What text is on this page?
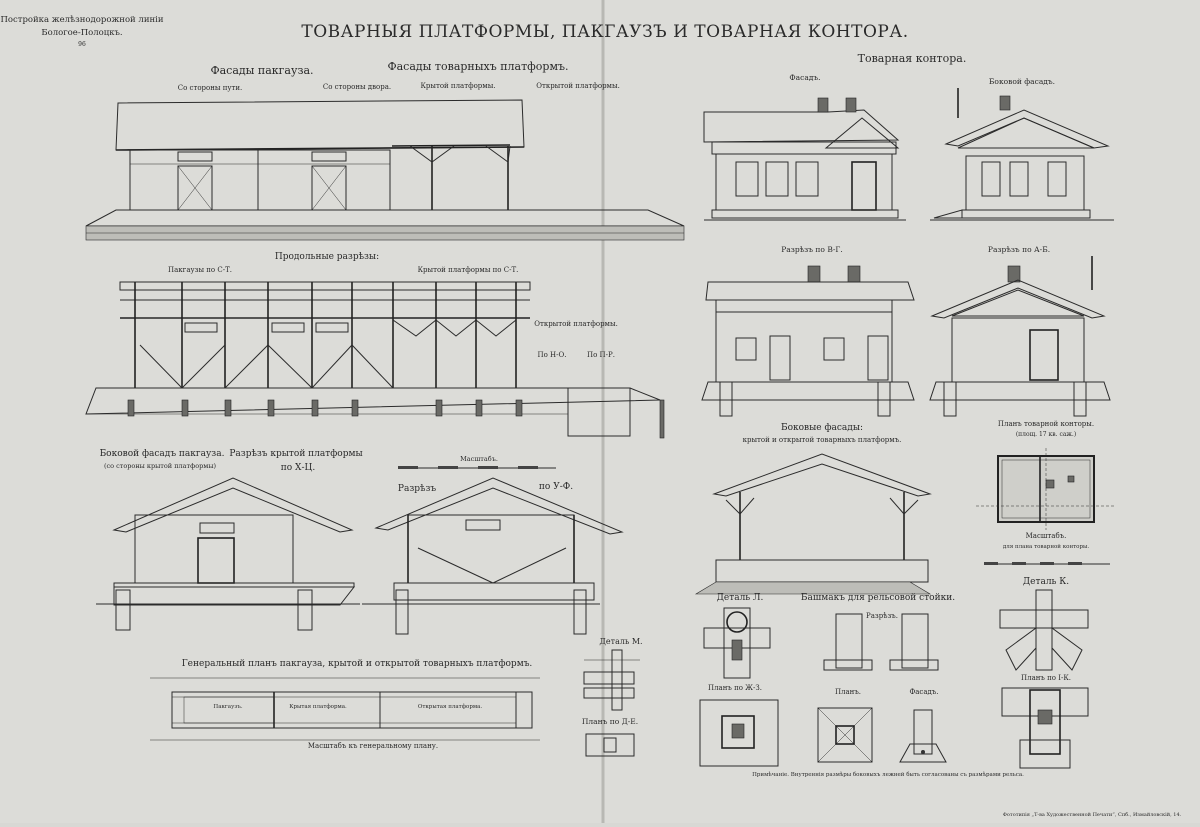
Постройка желѣзнодорожной линіи
Бологое-Полоцкъ.
96
ТОВАРНЫЯ ПЛАТФОРМЫ, ПАКГАУЗЪ И ТОВАРНАЯ КОНТОРА.
Фасады пакгауза.	Фасады товарныхъ платформъ.
Со стороны пути.	Со стороны двора.	Крытой платформы.	Открытой платформы.
Продольные разрѣзы:
Пакгаузы по С-Т.	Крытой платформы по С-Т.
Открытой платформы.
По Н-О.	По П-Р.
Боковой фасадъ пакгауза.
(со стороны крытой платформы)
Разрѣзъ крытой платформы
по Х-Ц.
Масштабъ.
Разрѣзъ	по У-Ф.
Генеральный планъ пакгауза, крытой и открытой товарныхъ платформъ.
Пакгаузъ.	Крытая платформа.	Открытая платформа.
Масштабъ къ генеральному плану.
Деталь М.
Планъ по Д-Е.
Товарная контора.
Фасадъ.	Боковой фасадъ.
Разрѣзъ по В-Г.	Разрѣзъ по А-Б.
Планъ товарной конторы.
(площ. 17 кв. саж.)
Масштабъ.
для плана товарной конторы.
Боковые фасады:
крытой и открытой товарныхъ платформъ.
Деталь Л.	Башмакъ для рельсовой стойки.
Деталь К.
Разрѣзъ.
Планъ по Ж-З.	Планъ.	Фасадъ.
Планъ по І-К.
Примѣчаніе. Внутреннія размѣры боковыхъ лежней быть согласованы съ размѣрами рельса.
Фототипія „Т-ва Художественной Печати“, Спб., Измайловскій, 14.
